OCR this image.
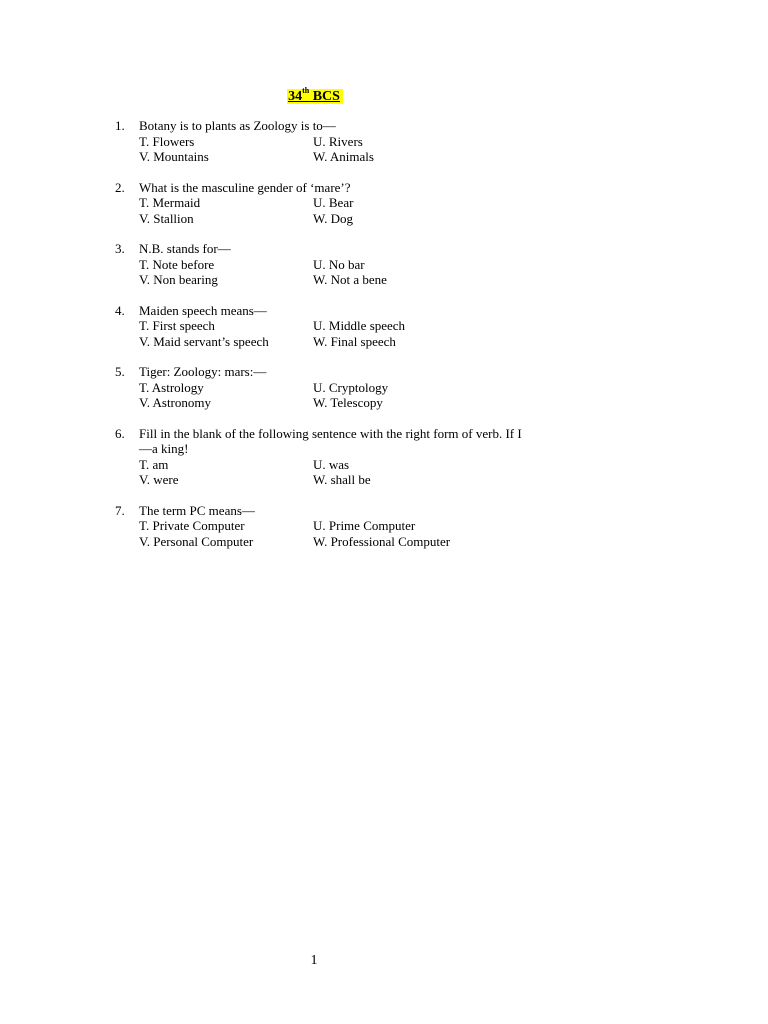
34th BCS
1. Botany is to plants as Zoology is to—
T. Flowers	U. Rivers
V. Mountains	W. Animals
2. What is the masculine gender of ‘mare’?
T. Mermaid	U. Bear
V. Stallion	W. Dog
3. N.B. stands for—
T. Note before	U. No bar
V. Non bearing	W. Not a bene
4. Maiden speech means—
T. First speech	U. Middle speech
V. Maid servant’s speech	W. Final speech
5. Tiger: Zoology: mars:—
T. Astrology	U. Cryptology
V. Astronomy	W. Telescopy
6. Fill in the blank of the following sentence with the right form of verb. If I—a king!
T. am	U. was
V. were	W. shall be
7. The term PC means—
T. Private Computer	U. Prime Computer
V. Personal Computer	W. Professional Computer
1
